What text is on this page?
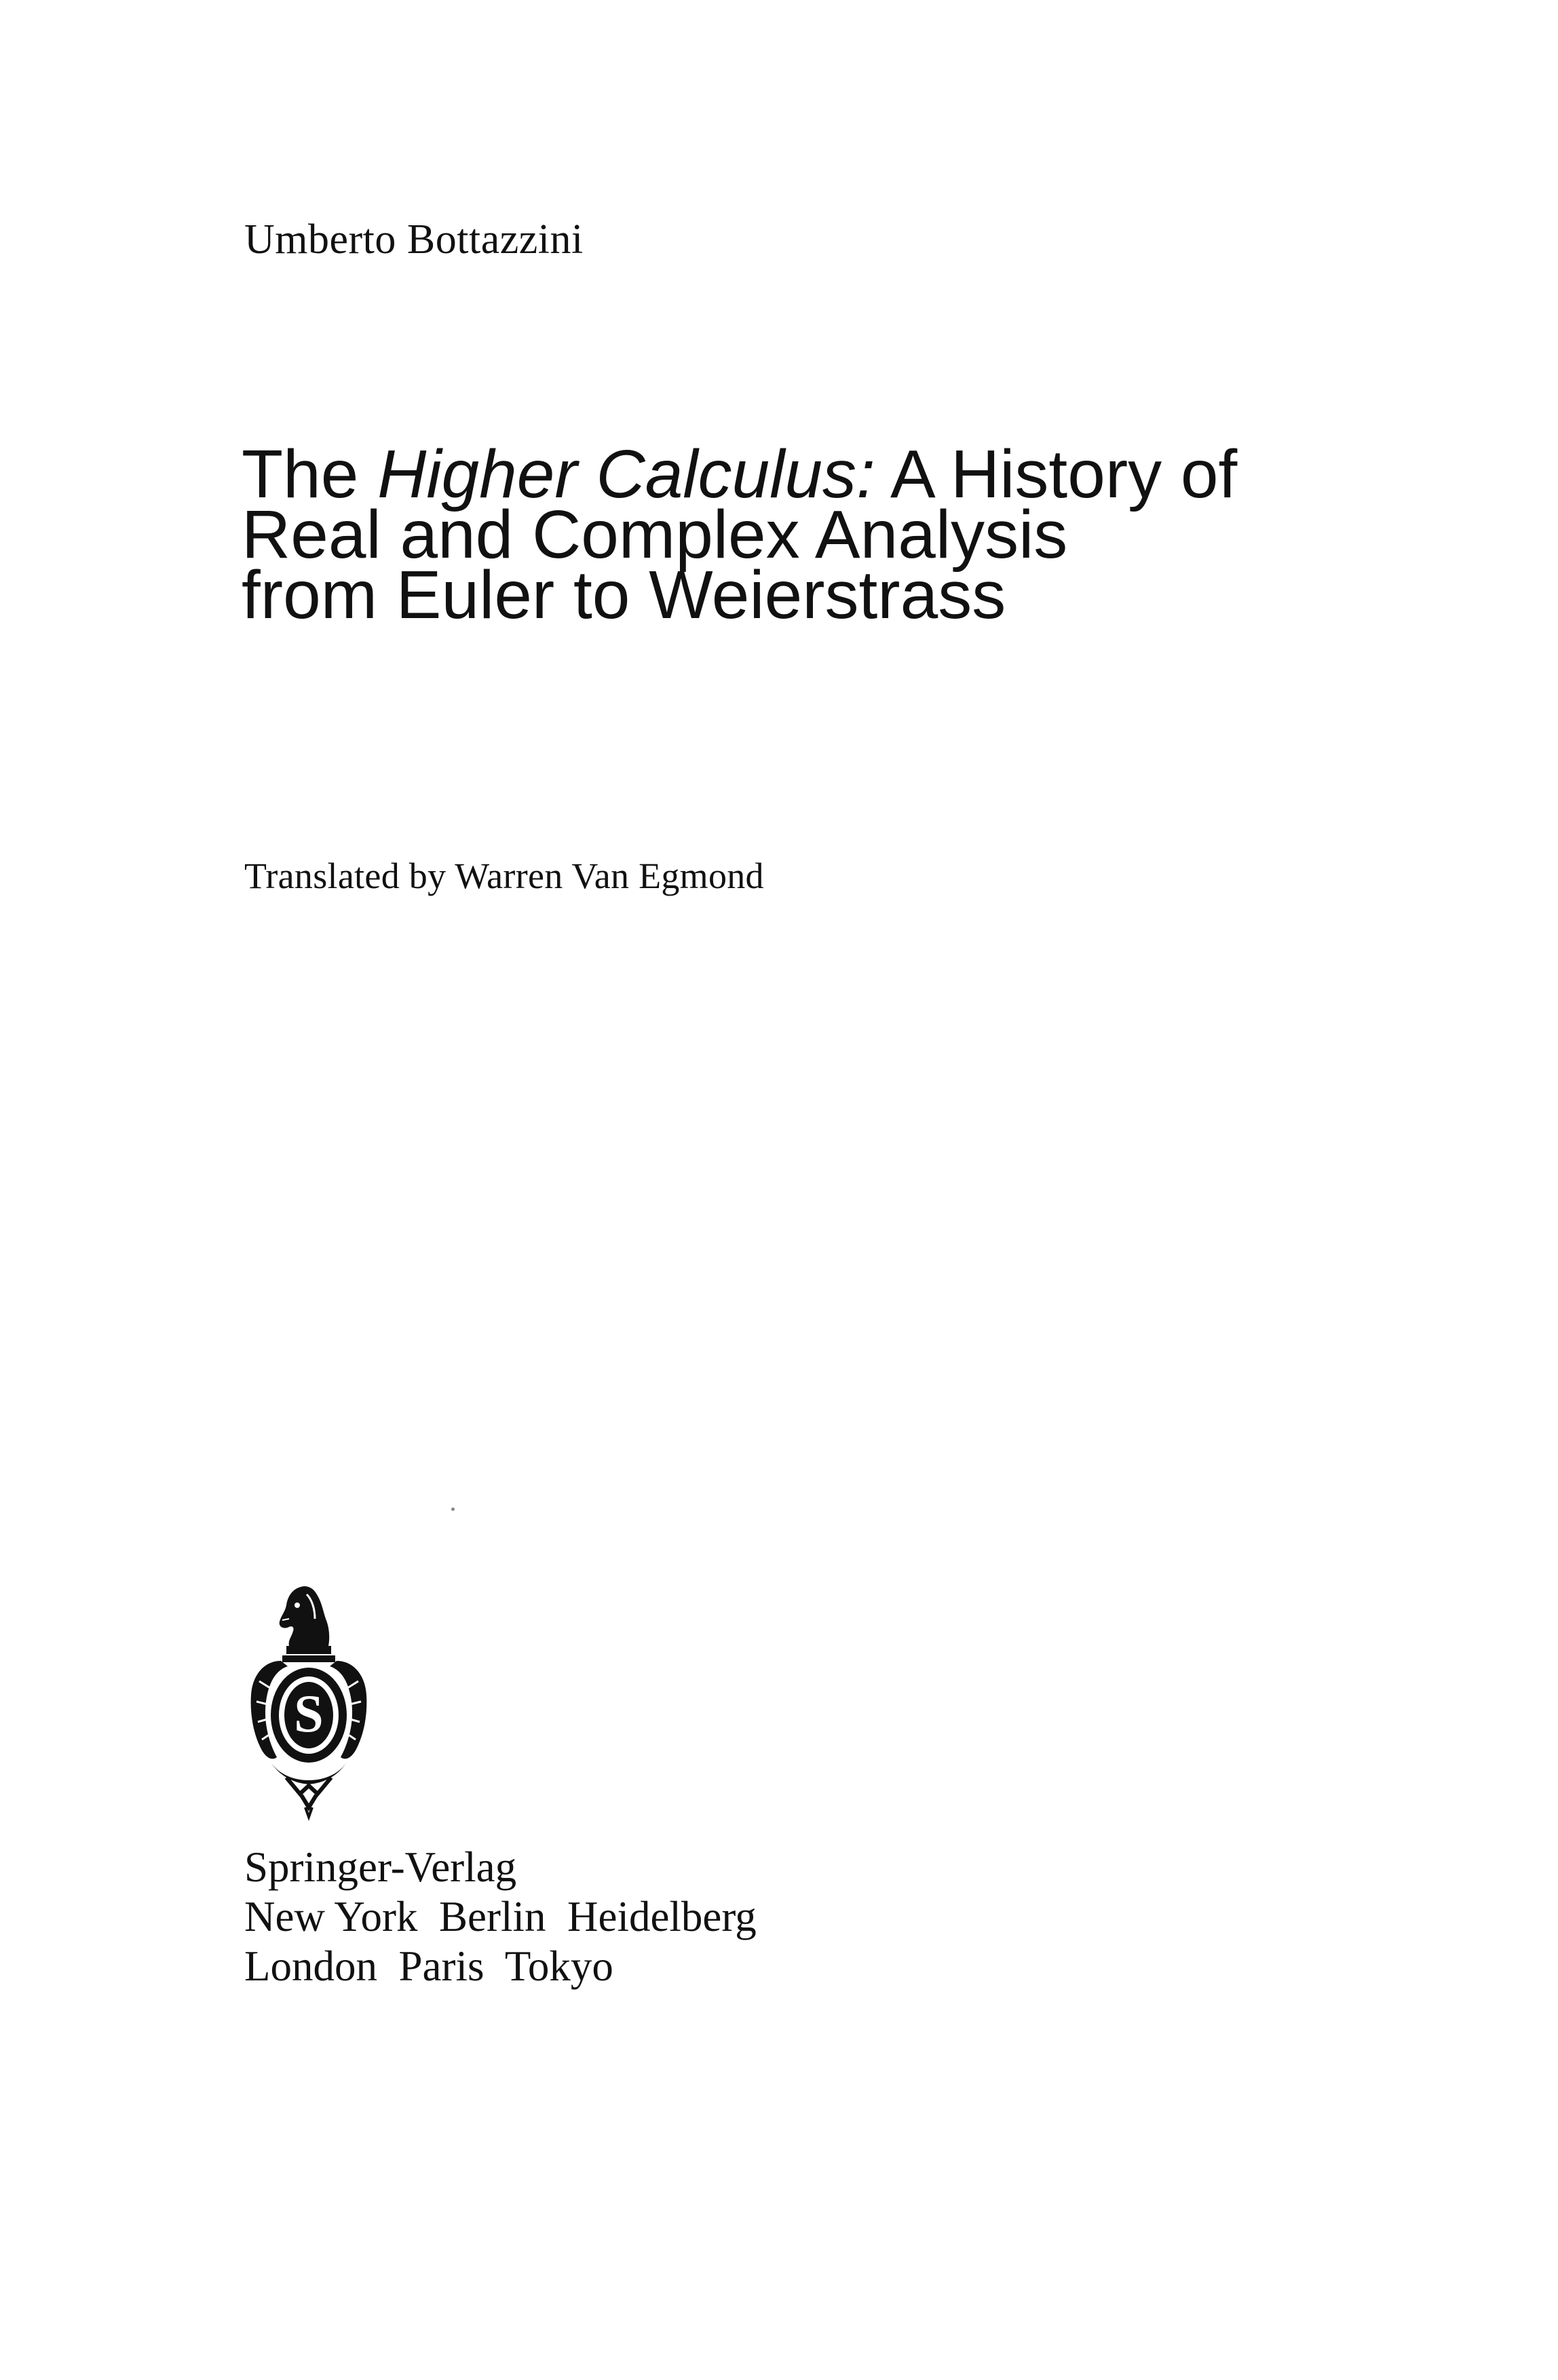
Umberto Bottazzini
The Higher Calculus: A History of
Real and Complex Analysis
from Euler to Weierstrass
Translated by Warren Van Egmond
S
Springer-Verlag
New York  Berlin  Heidelberg
London  Paris  Tokyo
